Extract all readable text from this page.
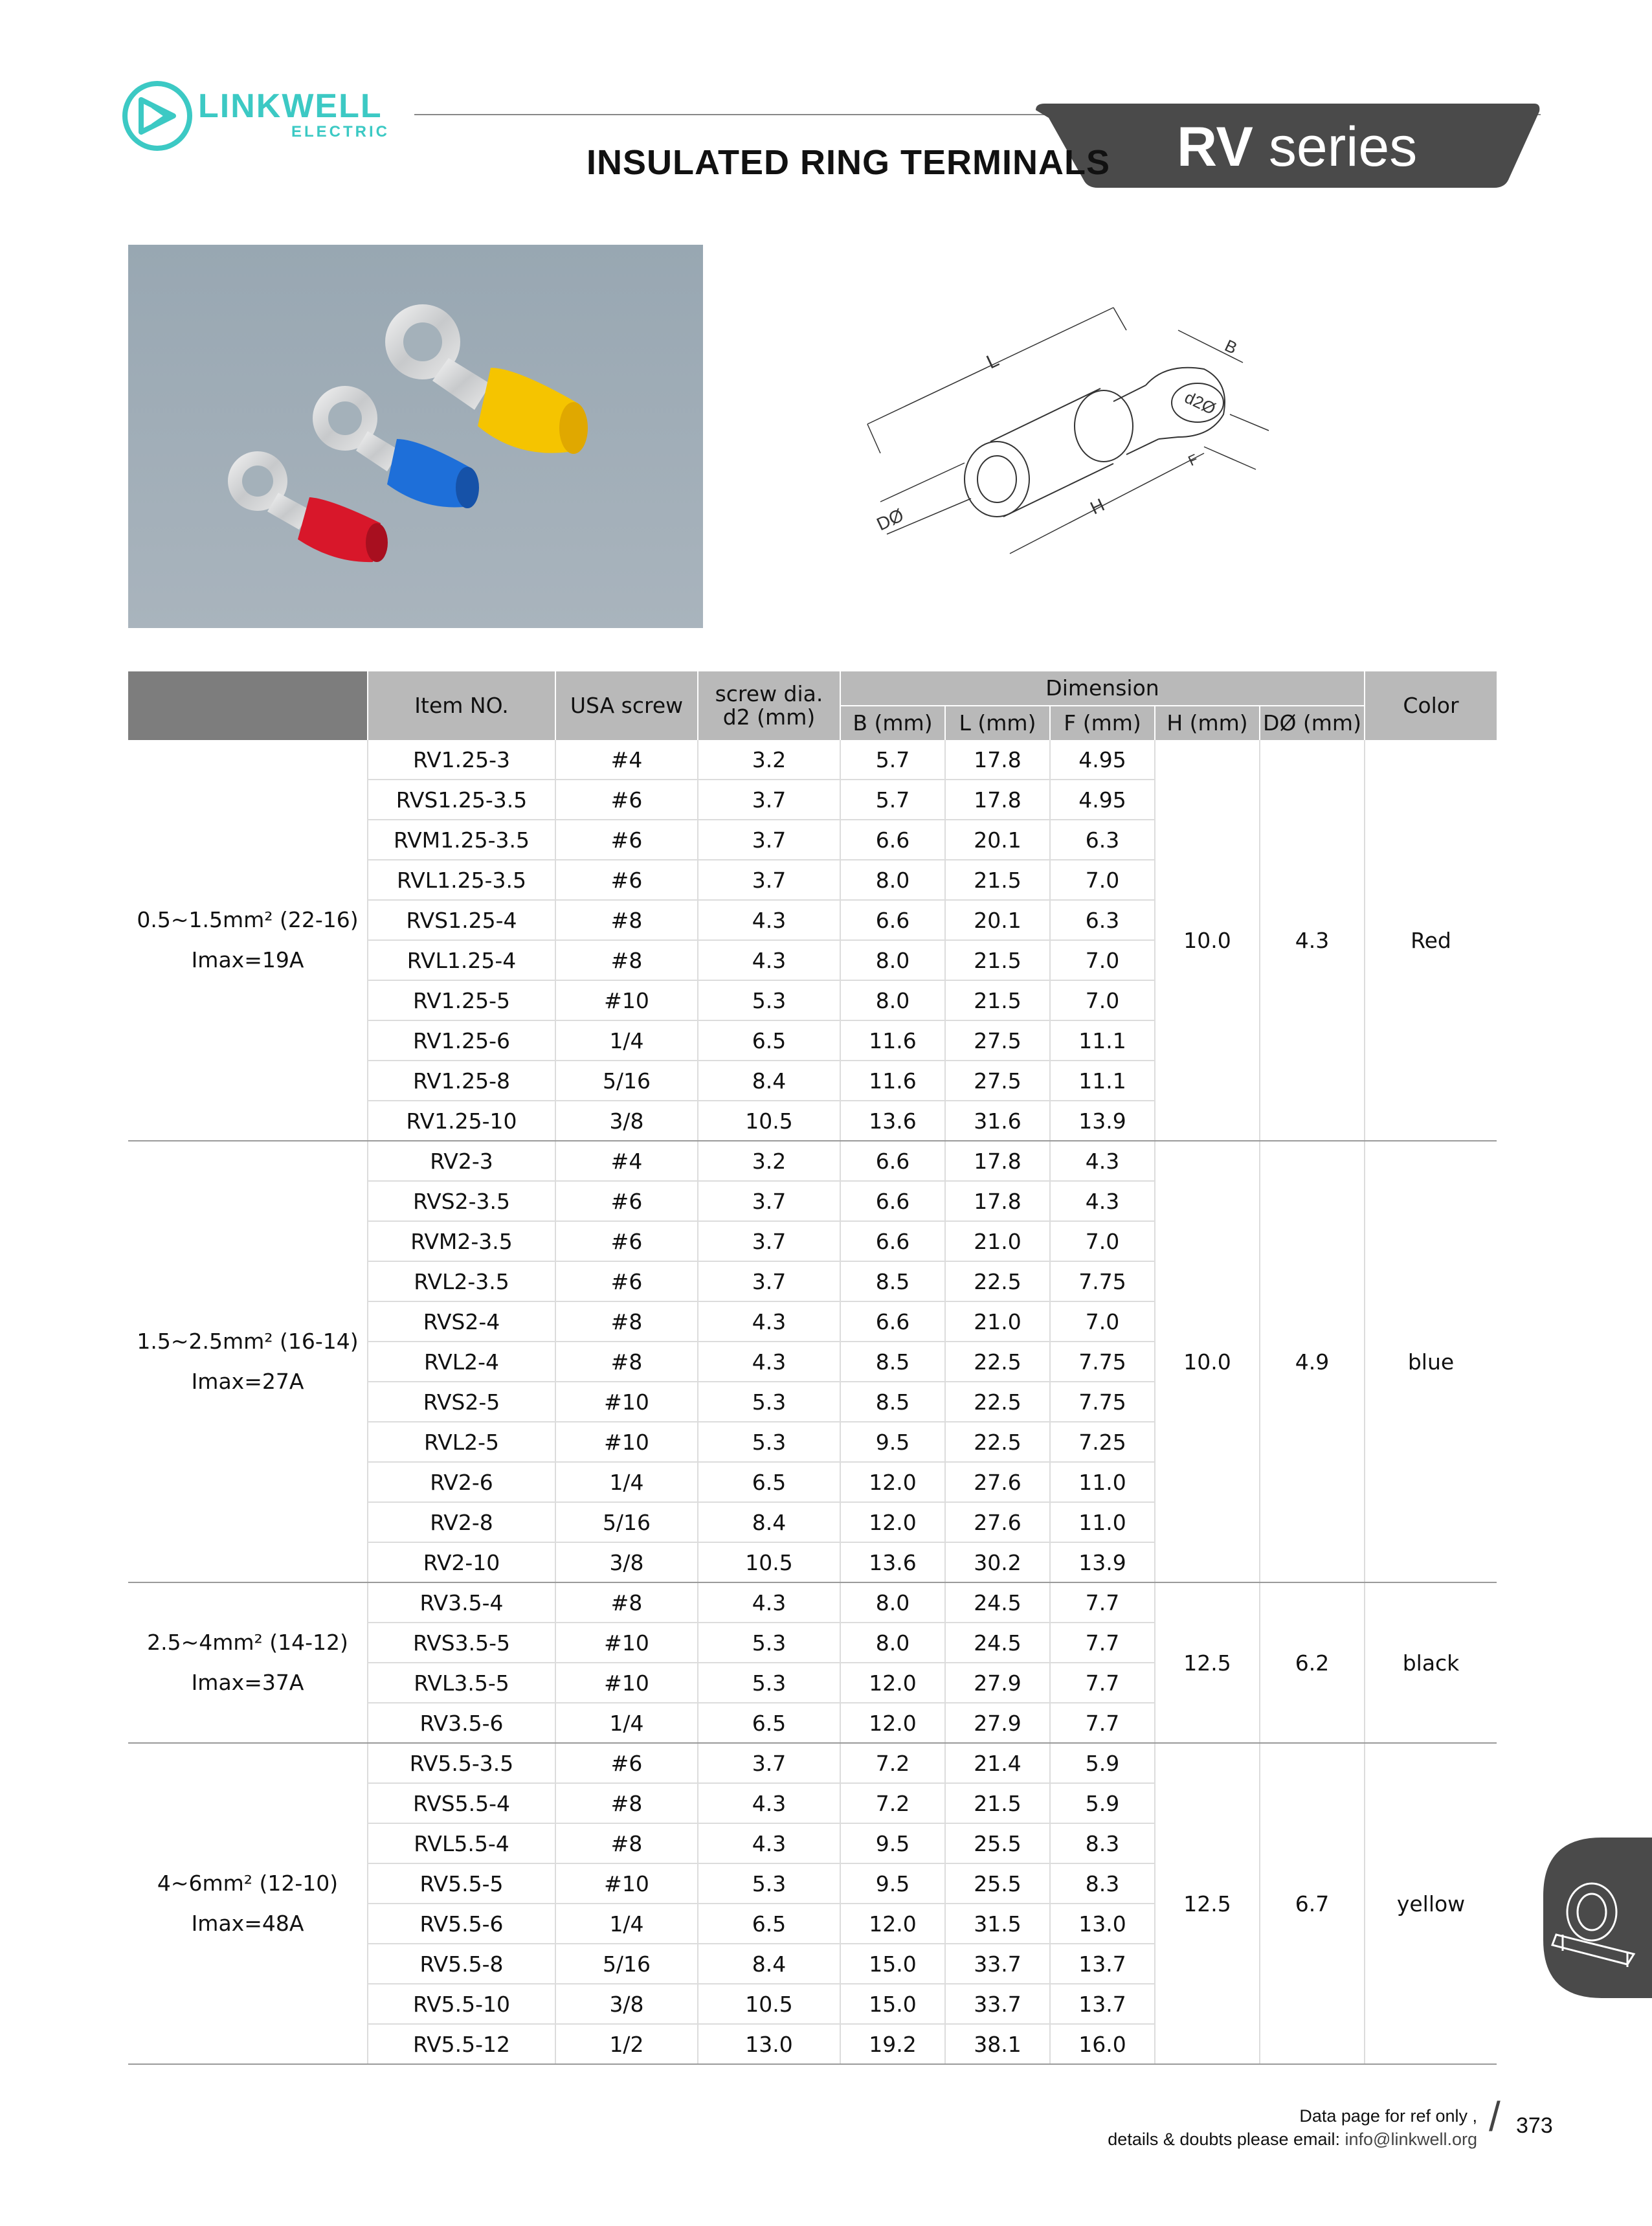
LINKWELL
ELECTRIC	RV series
INSULATED RING TERMINALS
L
B
d2Ø
F
H
DØ
	Item NO.	USA screw	screw dia.
d2 (mm)	Dimension					Color
				B (mm)	L (mm)	F (mm)	H (mm)	DØ (mm)	

0.5~1.5mm² (22-16)
Imax=19A	RV1.25-3	#4	3.2	5.7	17.8	4.95	10.0	4.3	Red
	RVS1.25-3.5	#6	3.7	5.7	17.8	4.95			
	RVM1.25-3.5	#6	3.7	6.6	20.1	6.3			
	RVL1.25-3.5	#6	3.7	8.0	21.5	7.0			
	RVS1.25-4	#8	4.3	6.6	20.1	6.3			
	RVL1.25-4	#8	4.3	8.0	21.5	7.0			
	RV1.25-5	#10	5.3	8.0	21.5	7.0			
	RV1.25-6	1/4	6.5	11.6	27.5	11.1			
	RV1.25-8	5/16	8.4	11.6	27.5	11.1			
	RV1.25-10	3/8	10.5	13.6	31.6	13.9			

1.5~2.5mm² (16-14)
Imax=27A	RV2-3	#4	3.2	6.6	17.8	4.3	10.0	4.9	blue
	RVS2-3.5	#6	3.7	6.6	17.8	4.3			
	RVM2-3.5	#6	3.7	6.6	21.0	7.0			
	RVL2-3.5	#6	3.7	8.5	22.5	7.75			
	RVS2-4	#8	4.3	6.6	21.0	7.0			
	RVL2-4	#8	4.3	8.5	22.5	7.75			
	RVS2-5	#10	5.3	8.5	22.5	7.75			
	RVL2-5	#10	5.3	9.5	22.5	7.25			
	RV2-6	1/4	6.5	12.0	27.6	11.0			
	RV2-8	5/16	8.4	12.0	27.6	11.0			
	RV2-10	3/8	10.5	13.6	30.2	13.9			

2.5~4mm² (14-12)
Imax=37A	RV3.5-4	#8	4.3	8.0	24.5	7.7	12.5	6.2	black
	RVS3.5-5	#10	5.3	8.0	24.5	7.7			
	RVL3.5-5	#10	5.3	12.0	27.9	7.7			
	RV3.5-6	1/4	6.5	12.0	27.9	7.7			

4~6mm² (12-10)
Imax=48A	RV5.5-3.5	#6	3.7	7.2	21.4	5.9	12.5	6.7	yellow
	RVS5.5-4	#8	4.3	7.2	21.5	5.9			
	RVL5.5-4	#8	4.3	9.5	25.5	8.3			
	RV5.5-5	#10	5.3	9.5	25.5	8.3			
	RV5.5-6	1/4	6.5	12.0	31.5	13.0			
	RV5.5-8	5/16	8.4	15.0	33.7	13.7			
	RV5.5-10	3/8	10.5	15.0	33.7	13.7			
	RV5.5-12	1/2	13.0	19.2	38.1	16.0			
Data page for ref only ,
details & doubts please email: info@linkwell.org / 373
